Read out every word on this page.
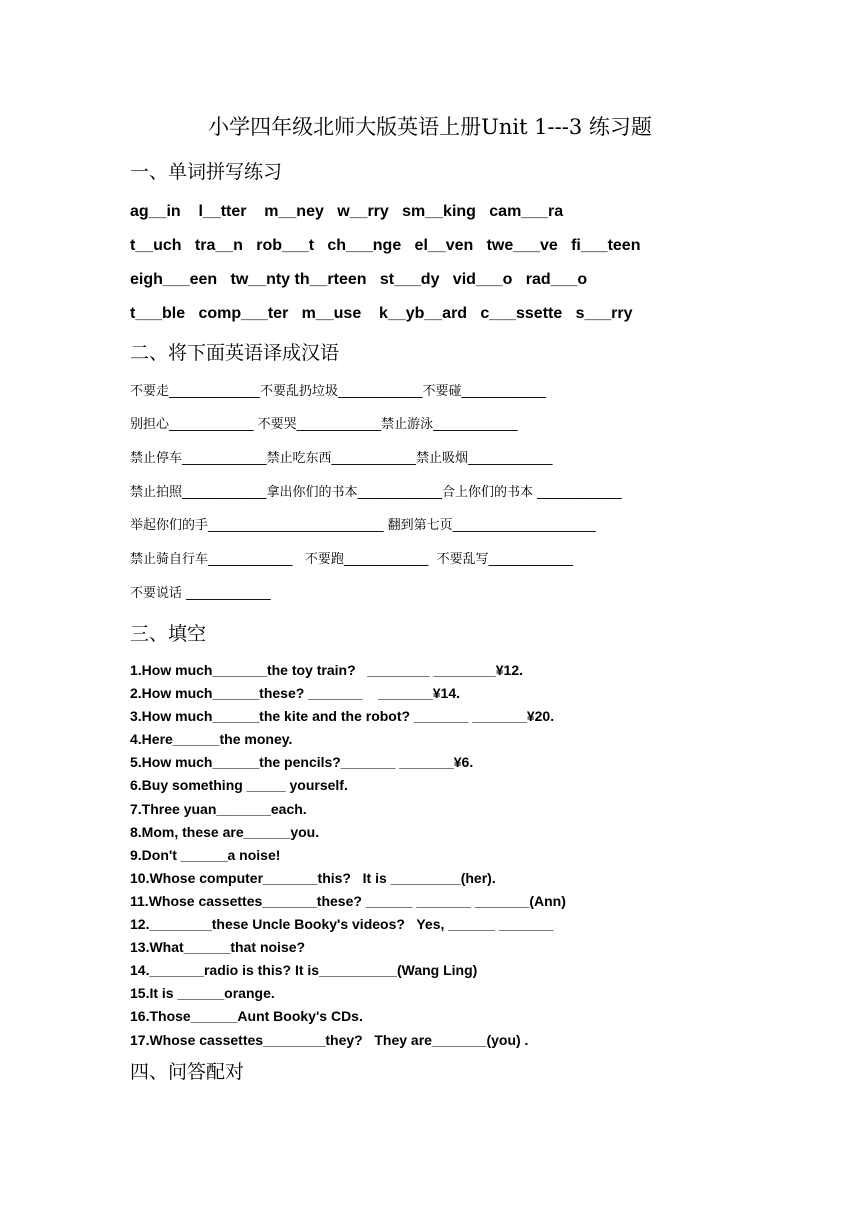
小学四年级北师大版英语上册Unit 1---3 练习题
一、单词拼写练习
ag__in    l__tter    m__ney   w__rry   sm__king   cam___ra
t__uch   tra__n   rob___t   ch___nge   el__ven   twe___ve   fi___teen
eigh___een   tw__nty th__rteen   st___dy   vid___o   rad___o
t___ble   comp___ter   m__use    k__yb__ard   c___ssette   s___rry
二、将下面英语译成汉语
不要走______________不要乱扔垃圾_____________不要碰_____________
别担心_____________ 不要哭_____________禁止游泳_____________
禁止停车_____________禁止吃东西_____________禁止吸烟_____________
禁止拍照_____________拿出你们的书本_____________合上你们的书本 _____________
举起你们的手___________________________ 翻到第七页______________________
禁止骑自行车_____________   不要跑_____________  不要乱写_____________
不要说话 _____________
三、填空
1.How much_______the toy train?   ________ ________¥12.
2.How much______these? _______    _______¥14.
3.How much______the kite and the robot? _______ _______¥20.
4.Here______the money.
5.How much______the pencils?_______ _______¥6.
6.Buy something _____ yourself.
7.Three yuan_______each.
8.Mom, these are______you.
9.Don't ______a noise!
10.Whose computer_______this?   It is _________(her).
11.Whose cassettes_______these? ______ _______ _______(Ann)
12.________these Uncle Booky's videos?   Yes, ______ _______
13.What______that noise?
14._______radio is this? It is__________(Wang Ling)
15.It is ______orange.
16.Those______Aunt Booky's CDs.
17.Whose cassettes________they?   They are_______(you) .
四、问答配对
